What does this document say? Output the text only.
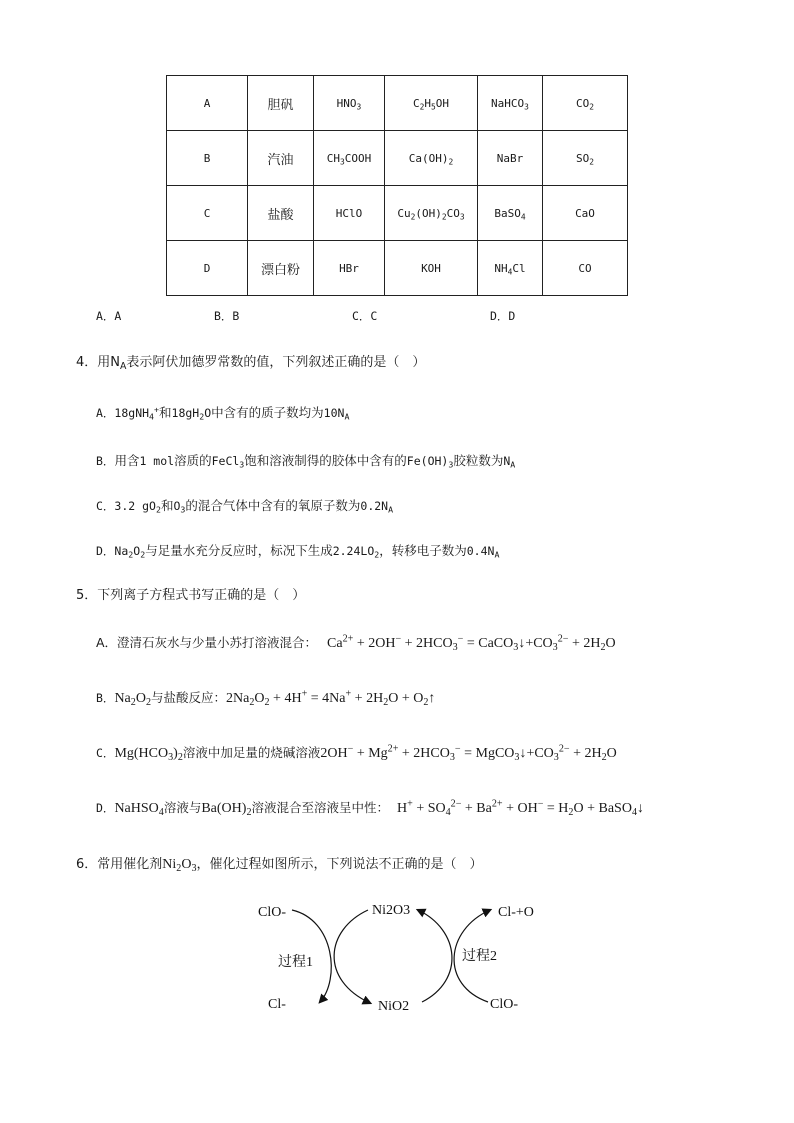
A	胆矾	$HNO_3$	$C_2H_5OH$	NaHCO$_3$	$CO_2$
B	汽油	$CH_3COOH$	$Ca(OH)_2$	NaBr	$SO_2$
C	盐酸	HClO	$Cu_2(OH)_2CO_3$	BaSO$_4$	CaO
D	漂白粉	HBr	KOH	$NH_4Cl$	CO
A．A	B．B	C．C	D．D
4．用$N_A$表示阿伏加德罗常数的值，下列叙述正确的是（　）
A．18gNH$_4$+和$18gH_2O$中含有的质子数均为$10N_A$
B．用含1 mol溶质的FeCl$_3$饱和溶液制得的胶体中含有的$Fe(OH)_3$胶粒数为$N_A$
C．3.2 $gO_2$和$O_3$的混合气体中含有的氧原子数为$0.2N_A$
D．$Na_2O_2$与足量水充分反应时，标况下生成$2.24LO_2$，转移电子数为$0.4N_A$
5．下列离子方程式书写正确的是（　）
A．澄清石灰水与少量小苏打溶液混合： $Ca^{2+} + 2OH^- + 2HCO_3^-$ = $CaCO_3↓+CO_3^{2-} + 2H_2O$
B．$Na_2O_2$与盐酸反应：$2Na_2O_2 + 4H^+ = 4Na^+ + 2H_2O$ + $O_2↑$
C．$Mg(HCO_3)_2$溶液中加足量的烧碱溶液$2OH^- + Mg^{2+} + 2HCO_3^-$ = $MgCO_3↓+CO_3^{2-} + 2H_2O$
D．NaHSO$_4$溶液与$Ba(OH)_2$溶液混合至溶液呈中性： $H^+ + SO_4^{2-} + Ba^{2+} + OH^- = H_2O$ + BaSO$_4$↓
6．常用催化剂$Ni_2O_3$，催化过程如图所示，下列说法不正确的是（　）
ClO-
Cl-
Ni2O3
NiO2
Cl-+O
ClO-
过程1	过程2
